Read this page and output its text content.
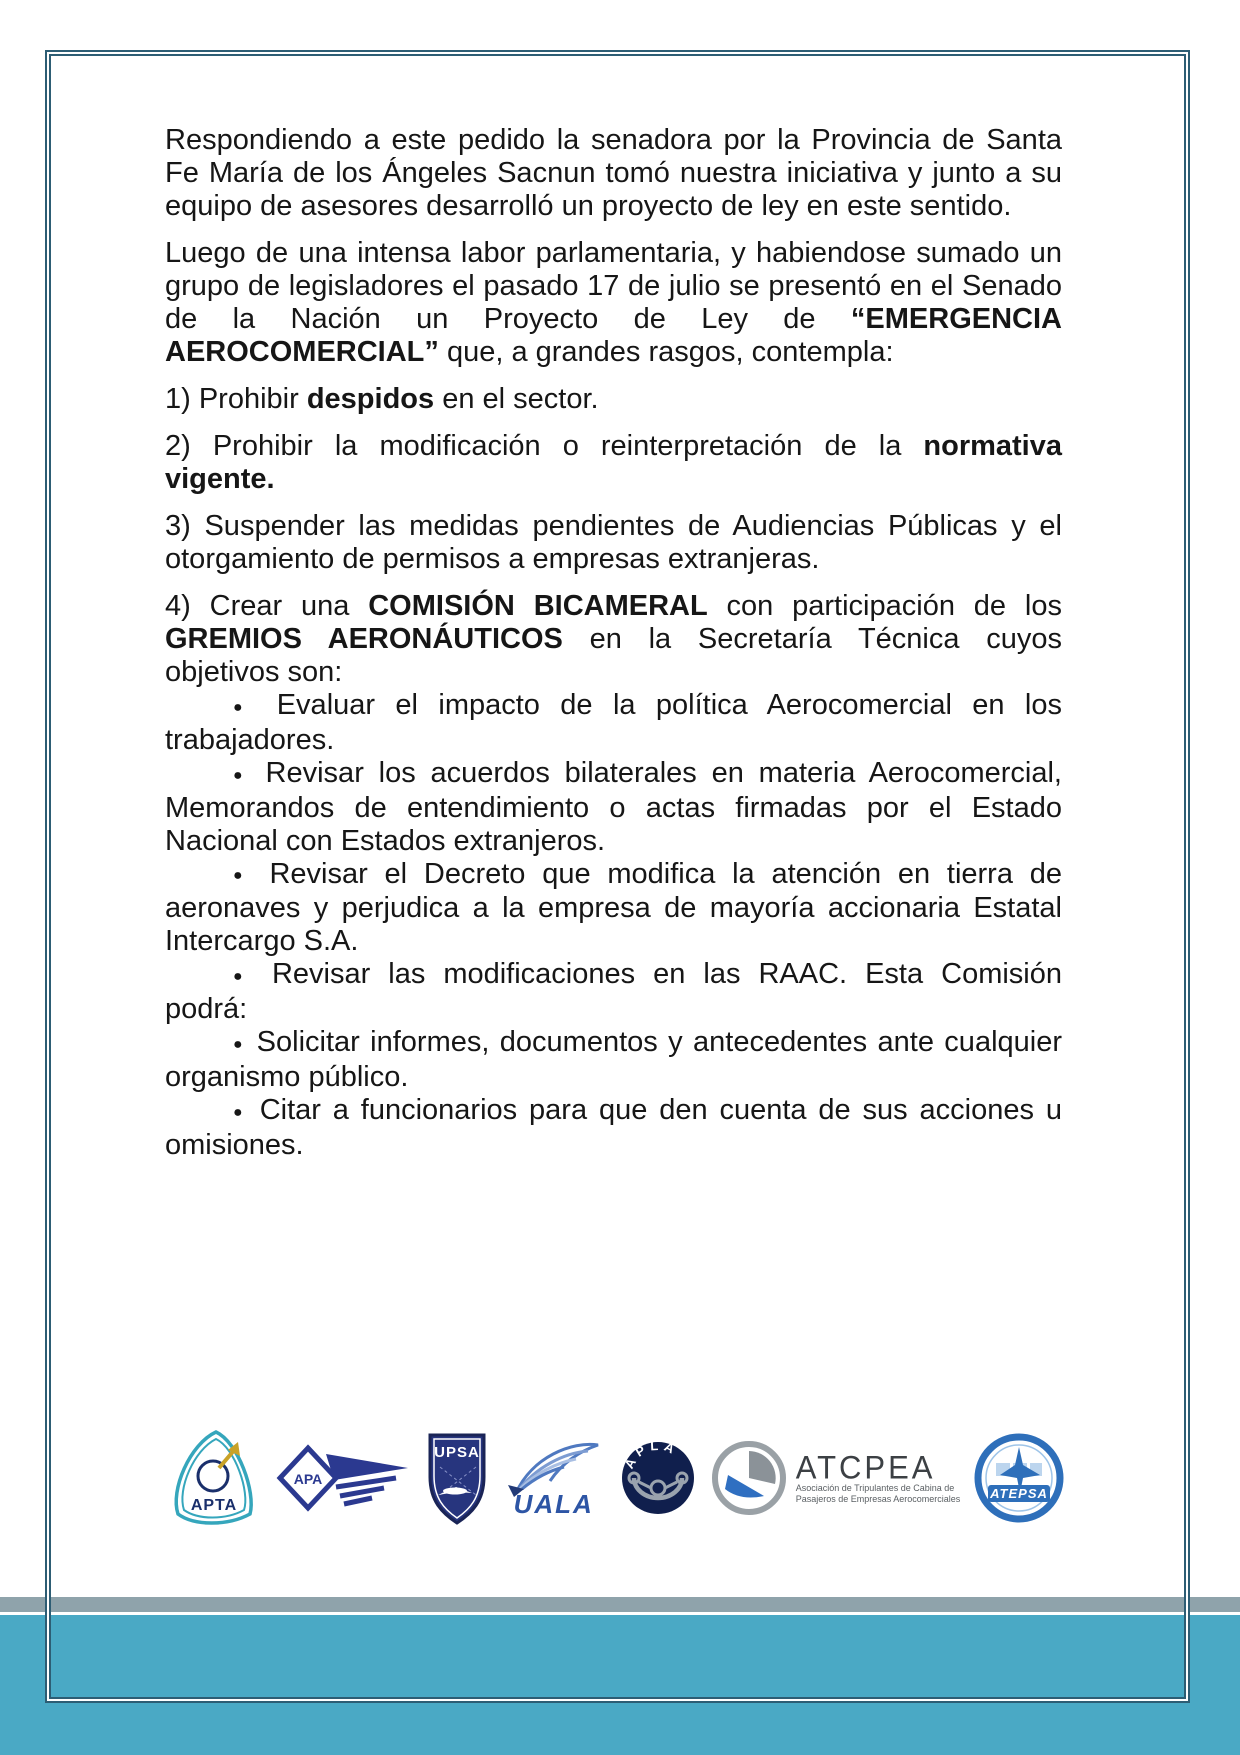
Respondiendo a este pedido la senadora por la Provincia de Santa Fe María de los Ángeles Sacnun tomó nuestra iniciativa y junto a su equipo de asesores desarrolló un proyecto de ley en este sentido.

Luego de una intensa labor parlamentaria, y habiendose sumado un grupo de legisladores el pasado 17 de julio se presentó en el Senado de la Nación un Proyecto de Ley de “EMERGENCIA AEROCOMERCIAL” que, a grandes rasgos, contempla:

1) Prohibir despidos en el sector.

2) Prohibir la modificación o reinterpretación de la normativa vigente.

3) Suspender las medidas pendientes de Audiencias Públicas y el otorgamiento de permisos a empresas extranjeras.

4) Crear una COMISIÓN BICAMERAL con participación de los GREMIOS AERONÁUTICOS en la Secretaría Técnica cuyos objetivos son:

● Evaluar el impacto de la política Aerocomercial en los trabajadores.

● Revisar los acuerdos bilaterales en materia Aerocomercial, Memorandos de entendimiento o actas firmadas por el Estado Nacional con Estados extranjeros.

● Revisar el Decreto que modifica la atención en tierra de aeronaves y perjudica a la empresa de mayoría accionaria Estatal Intercargo S.A.

● Revisar las modificaciones en las RAAC. Esta Comisión podrá:

● Solicitar informes, documentos y antecedentes ante cualquier organismo público.

● Citar a funcionarios para que den cuenta de sus acciones u omisiones.

APTA
APA
UPSA
UALA
APLA	ATCPEA
Asociación de Tripulantes de Cabina de
Pasajeros de Empresas Aerocomerciales ATEPSA
